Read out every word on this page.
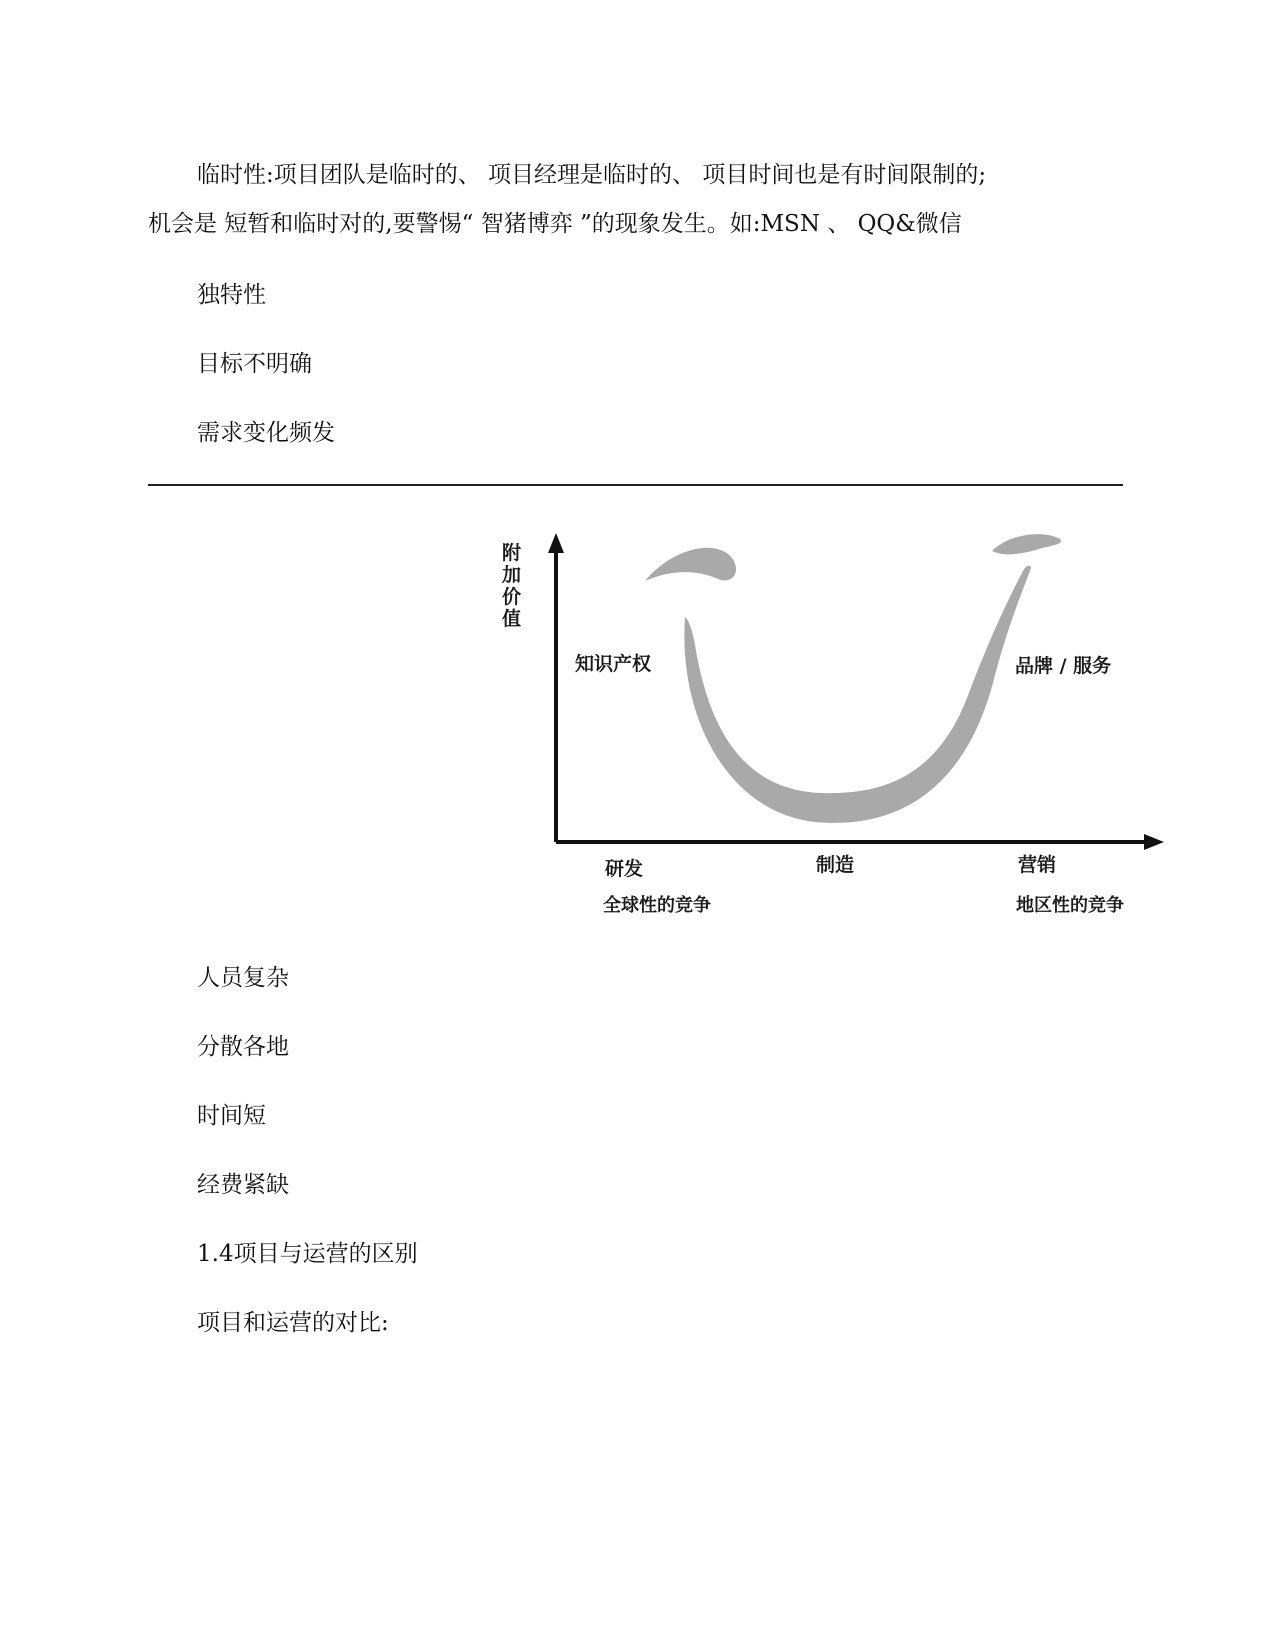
临时性:项目团队是临时的、 项目经理是临时的、 项目时间也是有时间限制的;
机会是 短暂和临时对的,要警惕“ 智猪博弈 ”的现象发生。如:MSN 、 QQ&微信
独特性
目标不明确
需求变化频发
附
加
价
值
知识产权	品牌 / 服务
研发	制造	营销
全球性的竞争	地区性的竞争
人员复杂
分散各地
时间短
经费紧缺
1.4项目与运营的区别
项目和运营的对比:
